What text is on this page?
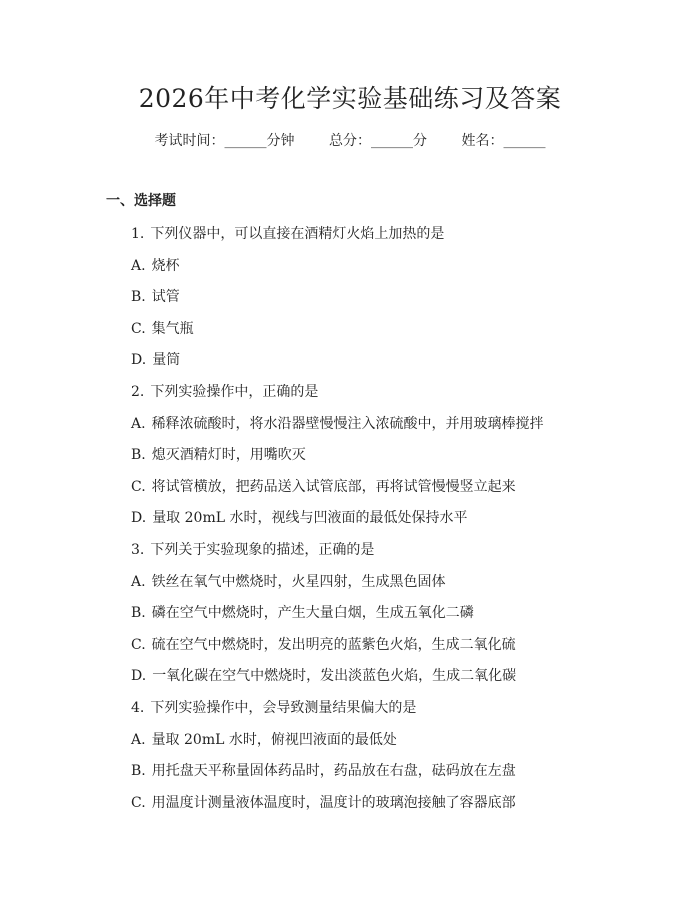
2026年中考化学实验基础练习及答案
考试时间：______分钟 总分：______分 姓名：______
一、选择题
1. 下列仪器中，可以直接在酒精灯火焰上加热的是
A. 烧杯
B. 试管
C. 集气瓶
D. 量筒
2. 下列实验操作中，正确的是
A. 稀释浓硫酸时，将水沿器壁慢慢注入浓硫酸中，并用玻璃棒搅拌
B. 熄灭酒精灯时，用嘴吹灭
C. 将试管横放，把药品送入试管底部，再将试管慢慢竖立起来
D. 量取 20mL 水时，视线与凹液面的最低处保持水平
3. 下列关于实验现象的描述，正确的是
A. 铁丝在氧气中燃烧时，火星四射，生成黑色固体
B. 磷在空气中燃烧时，产生大量白烟，生成五氧化二磷
C. 硫在空气中燃烧时，发出明亮的蓝紫色火焰，生成二氧化硫
D. 一氧化碳在空气中燃烧时，发出淡蓝色火焰，生成二氧化碳
4. 下列实验操作中，会导致测量结果偏大的是
A. 量取 20mL 水时，俯视凹液面的最低处
B. 用托盘天平称量固体药品时，药品放在右盘，砝码放在左盘
C. 用温度计测量液体温度时，温度计的玻璃泡接触了容器底部
